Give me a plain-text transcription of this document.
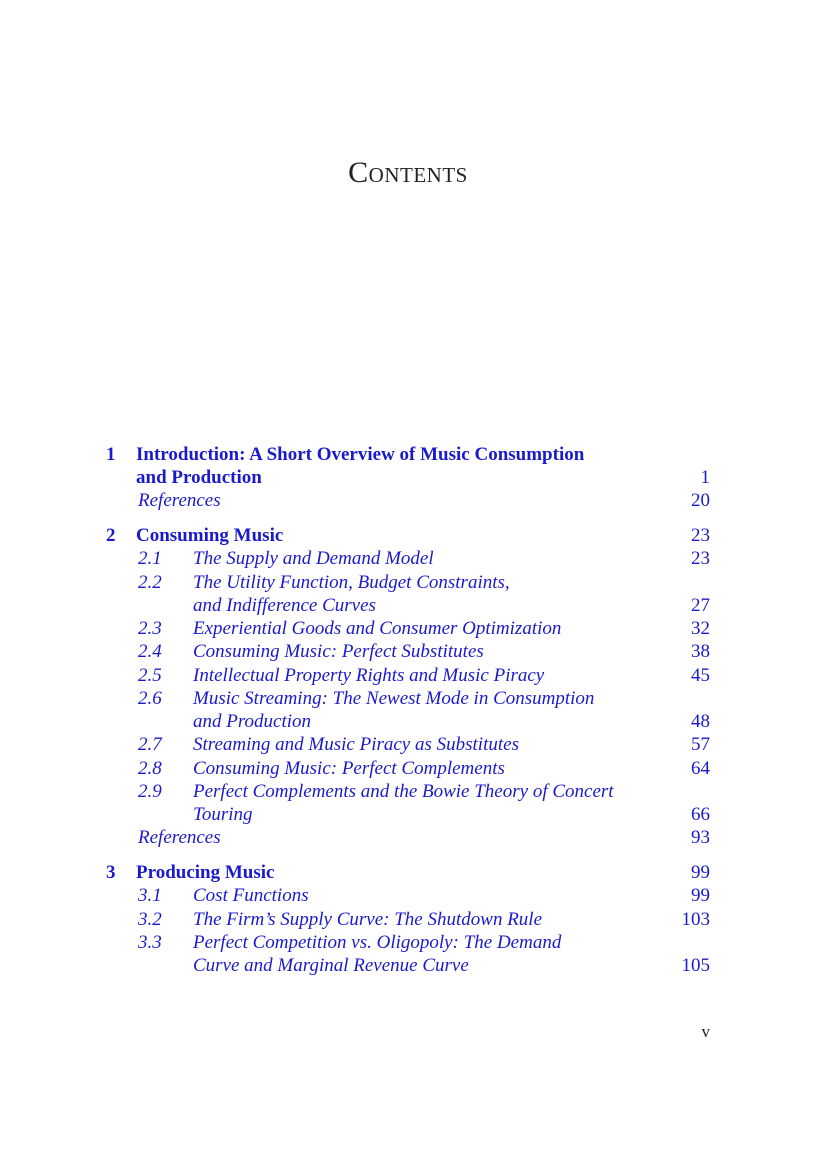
Contents
1 Introduction: A Short Overview of Music Consumption
and Production	1
References	20
2 Consuming Music	23
2.1 The Supply and Demand Model	23
2.2 The Utility Function, Budget Constraints,
and Indifference Curves	27
2.3 Experiential Goods and Consumer Optimization	32
2.4 Consuming Music: Perfect Substitutes	38
2.5 Intellectual Property Rights and Music Piracy	45
2.6 Music Streaming: The Newest Mode in Consumption
and Production	48
2.7 Streaming and Music Piracy as Substitutes	57
2.8 Consuming Music: Perfect Complements	64
2.9 Perfect Complements and the Bowie Theory of Concert
Touring	66
References	93
3 Producing Music	99
3.1 Cost Functions	99
3.2 The Firm’s Supply Curve: The Shutdown Rule	103
3.3 Perfect Competition vs. Oligopoly: The Demand
Curve and Marginal Revenue Curve	105
v
